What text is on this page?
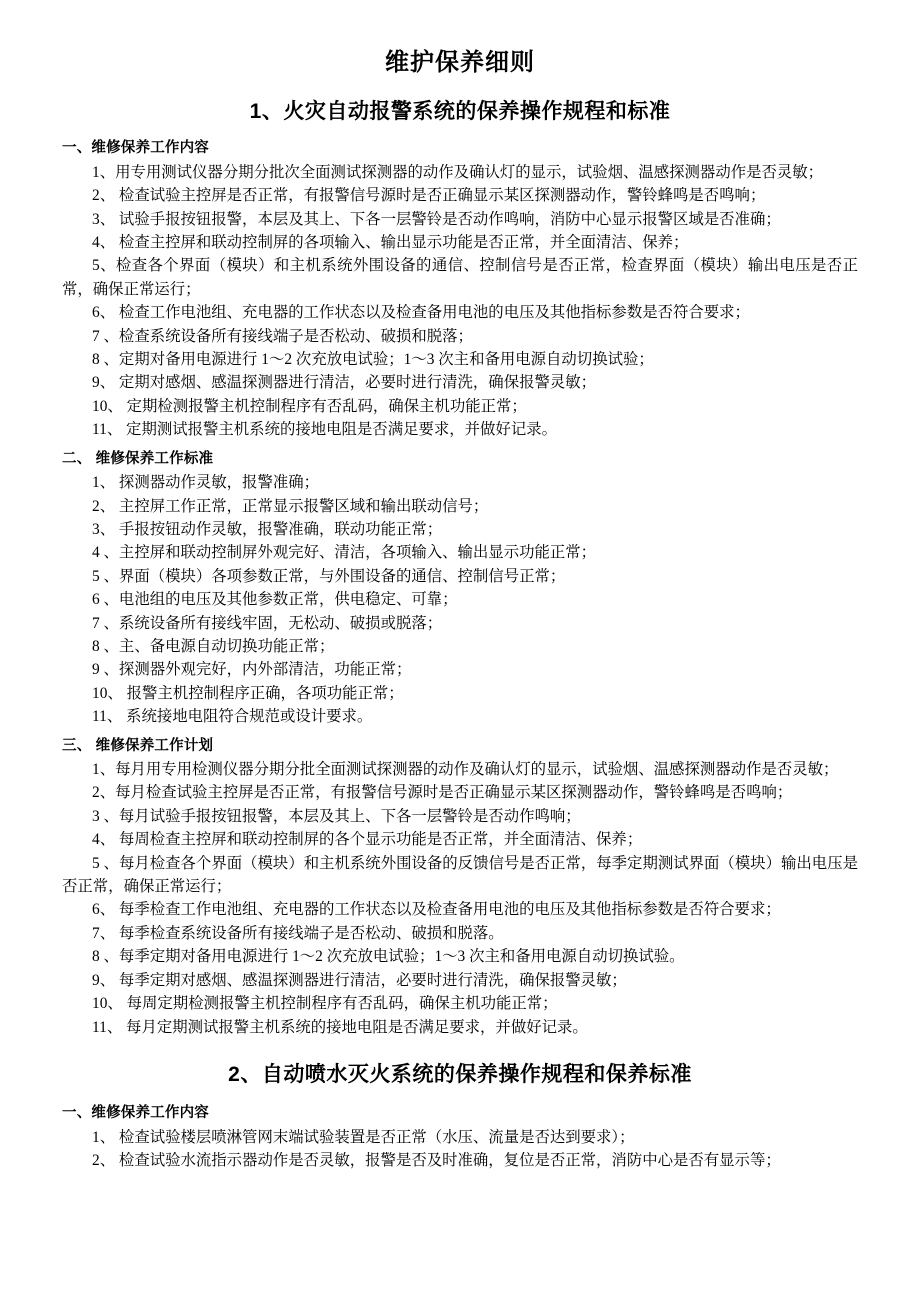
维护保养细则
1、火灾自动报警系统的保养操作规程和标准
一、维修保养工作内容

1、用专用测试仪器分期分批次全面测试探测器的动作及确认灯的显示，试验烟、温感探测器动作是否灵敏；

2、 检查试验主控屏是否正常，有报警信号源时是否正确显示某区探测器动作，警铃蜂鸣是否鸣响；

3、 试验手报按钮报警，本层及其上、下各一层警铃是否动作鸣响，消防中心显示报警区域是否准确；

4、 检查主控屏和联动控制屏的各项输入、输出显示功能是否正常，并全面清洁、保养；

5、检查各个界面（模块）和主机系统外围设备的通信、控制信号是否正常，检查界面（模块）输出电压是否正常，确保正常运行；

6、 检查工作电池组、充电器的工作状态以及检查备用电池的电压及其他指标参数是否符合要求；

7 、检查系统设备所有接线端子是否松动、破损和脱落；

8 、定期对备用电源进行 1～2 次充放电试验；1～3 次主和备用电源自动切换试验；

9、 定期对感烟、感温探测器进行清洁，必要时进行清洗，确保报警灵敏；

10、 定期检测报警主机控制程序有否乱码，确保主机功能正常；

11、 定期测试报警主机系统的接地电阻是否满足要求，并做好记录。

二、 维修保养工作标准

1、 探测器动作灵敏，报警准确；

2、 主控屏工作正常，正常显示报警区域和输出联动信号；

3、 手报按钮动作灵敏，报警准确，联动功能正常；

4 、主控屏和联动控制屏外观完好、清洁，各项输入、输出显示功能正常；

5 、界面（模块）各项参数正常，与外围设备的通信、控制信号正常；

6 、电池组的电压及其他参数正常，供电稳定、可靠；

7 、系统设备所有接线牢固，无松动、破损或脱落；

8 、主、备电源自动切换功能正常；

9 、探测器外观完好，内外部清洁，功能正常；

10、 报警主机控制程序正确，各项功能正常；

11、 系统接地电阻符合规范或设计要求。

三、 维修保养工作计划

1、每月用专用检测仪器分期分批全面测试探测器的动作及确认灯的显示，试验烟、温感探测器动作是否灵敏；

2、每月检查试验主控屏是否正常，有报警信号源时是否正确显示某区探测器动作，警铃蜂鸣是否鸣响；

3 、每月试验手报按钮报警，本层及其上、下各一层警铃是否动作鸣响；

4、 每周检查主控屏和联动控制屏的各个显示功能是否正常，并全面清洁、保养；

5 、每月检查各个界面（模块）和主机系统外围设备的反馈信号是否正常，每季定期测试界面（模块）输出电压是否正常，确保正常运行；

6、 每季检查工作电池组、充电器的工作状态以及检查备用电池的电压及其他指标参数是否符合要求；

7、 每季检查系统设备所有接线端子是否松动、破损和脱落。

8 、每季定期对备用电源进行 1～2 次充放电试验；1～3 次主和备用电源自动切换试验。

9、 每季定期对感烟、感温探测器进行清洁，必要时进行清洗，确保报警灵敏；

10、 每周定期检测报警主机控制程序有否乱码，确保主机功能正常；

11、 每月定期测试报警主机系统的接地电阻是否满足要求，并做好记录。

2、自动喷水灭火系统的保养操作规程和保养标准
一、维修保养工作内容

1、 检查试验楼层喷淋管网末端试验装置是否正常（水压、流量是否达到要求）；

2、 检查试验水流指示器动作是否灵敏，报警是否及时准确，复位是否正常，消防中心是否有显示等；
